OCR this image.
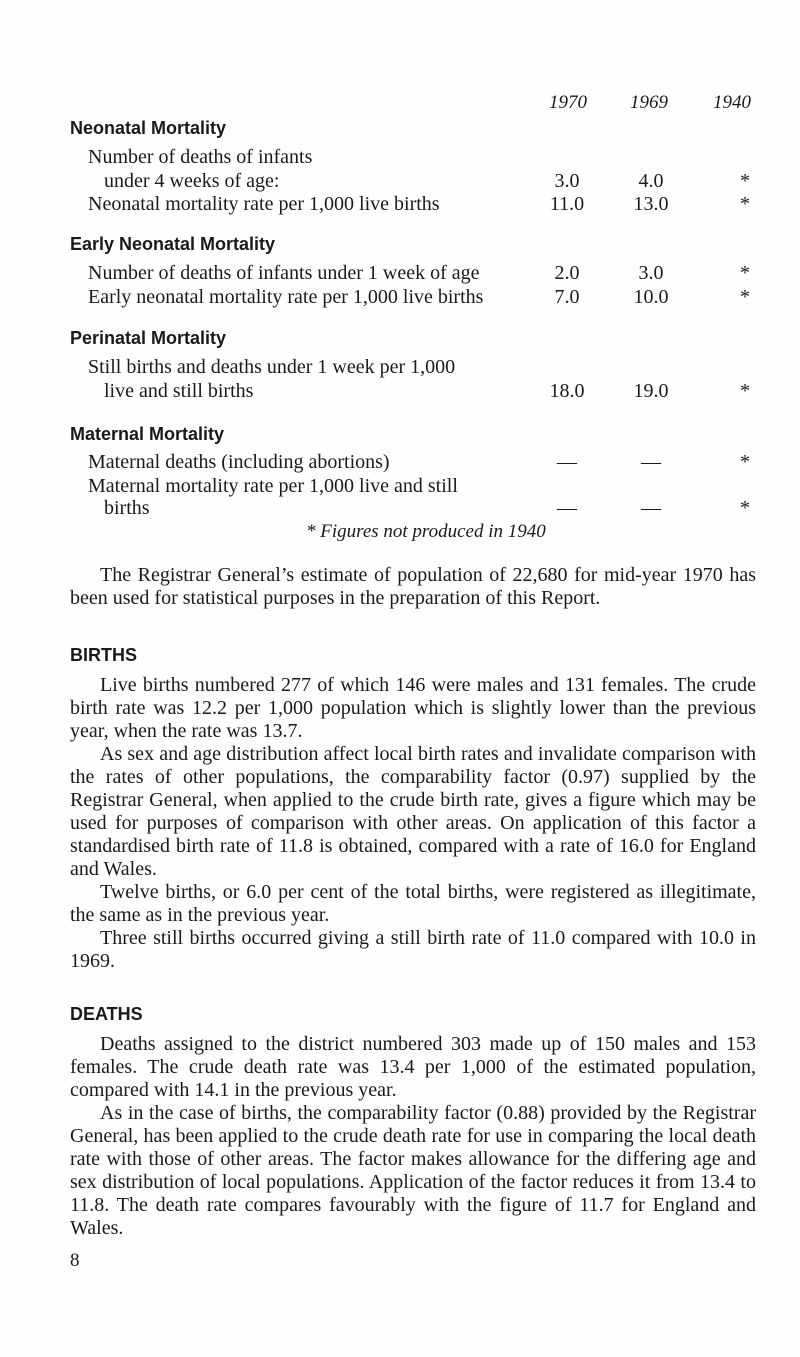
1970	1969	1940
Neonatal Mortality
Number of deaths of infants
under 4 weeks of age:	3.0	4.0	*
Neonatal mortality rate per 1,000 live births	11.0	13.0	*
Early Neonatal Mortality
Number of deaths of infants under 1 week of age	2.0	3.0	*
Early neonatal mortality rate per 1,000 live births	7.0	10.0	*
Perinatal Mortality
Still births and deaths under 1 week per 1,000
live and still births	18.0	19.0	*
Maternal Mortality
Maternal deaths (including abortions)	—	—	*
Maternal mortality rate per 1,000 live and still
births	—	—	*
* Figures not produced in 1940

The Registrar General’s estimate of population of 22,680 for mid-year 1970 has been used for statistical purposes in the preparation of this Report.

BIRTHS

Live births numbered 277 of which 146 were males and 131 females. The crude birth rate was 12.2 per 1,000 population which is slightly lower than the previous year, when the rate was 13.7.

As sex and age distribution affect local birth rates and invalidate comparison with the rates of other populations, the comparability factor (0.97) supplied by the Registrar General, when applied to the crude birth rate, gives a figure which may be used for purposes of comparison with other areas. On application of this factor a standardised birth rate of 11.8 is obtained, compared with a rate of 16.0 for England and Wales.

Twelve births, or 6.0 per cent of the total births, were registered as illegitimate, the same as in the previous year.

Three still births occurred giving a still birth rate of 11.0 compared with 10.0 in 1969.

DEATHS

Deaths assigned to the district numbered 303 made up of 150 males and 153 females. The crude death rate was 13.4 per 1,000 of the estimated population, compared with 14.1 in the previous year.

As in the case of births, the comparability factor (0.88) provided by the Registrar General, has been applied to the crude death rate for use in comparing the local death rate with those of other areas. The factor makes allowance for the differing age and sex distribution of local populations. Application of the factor reduces it from 13.4 to 11.8. The death rate compares favourably with the figure of 11.7 for England and Wales.

8
